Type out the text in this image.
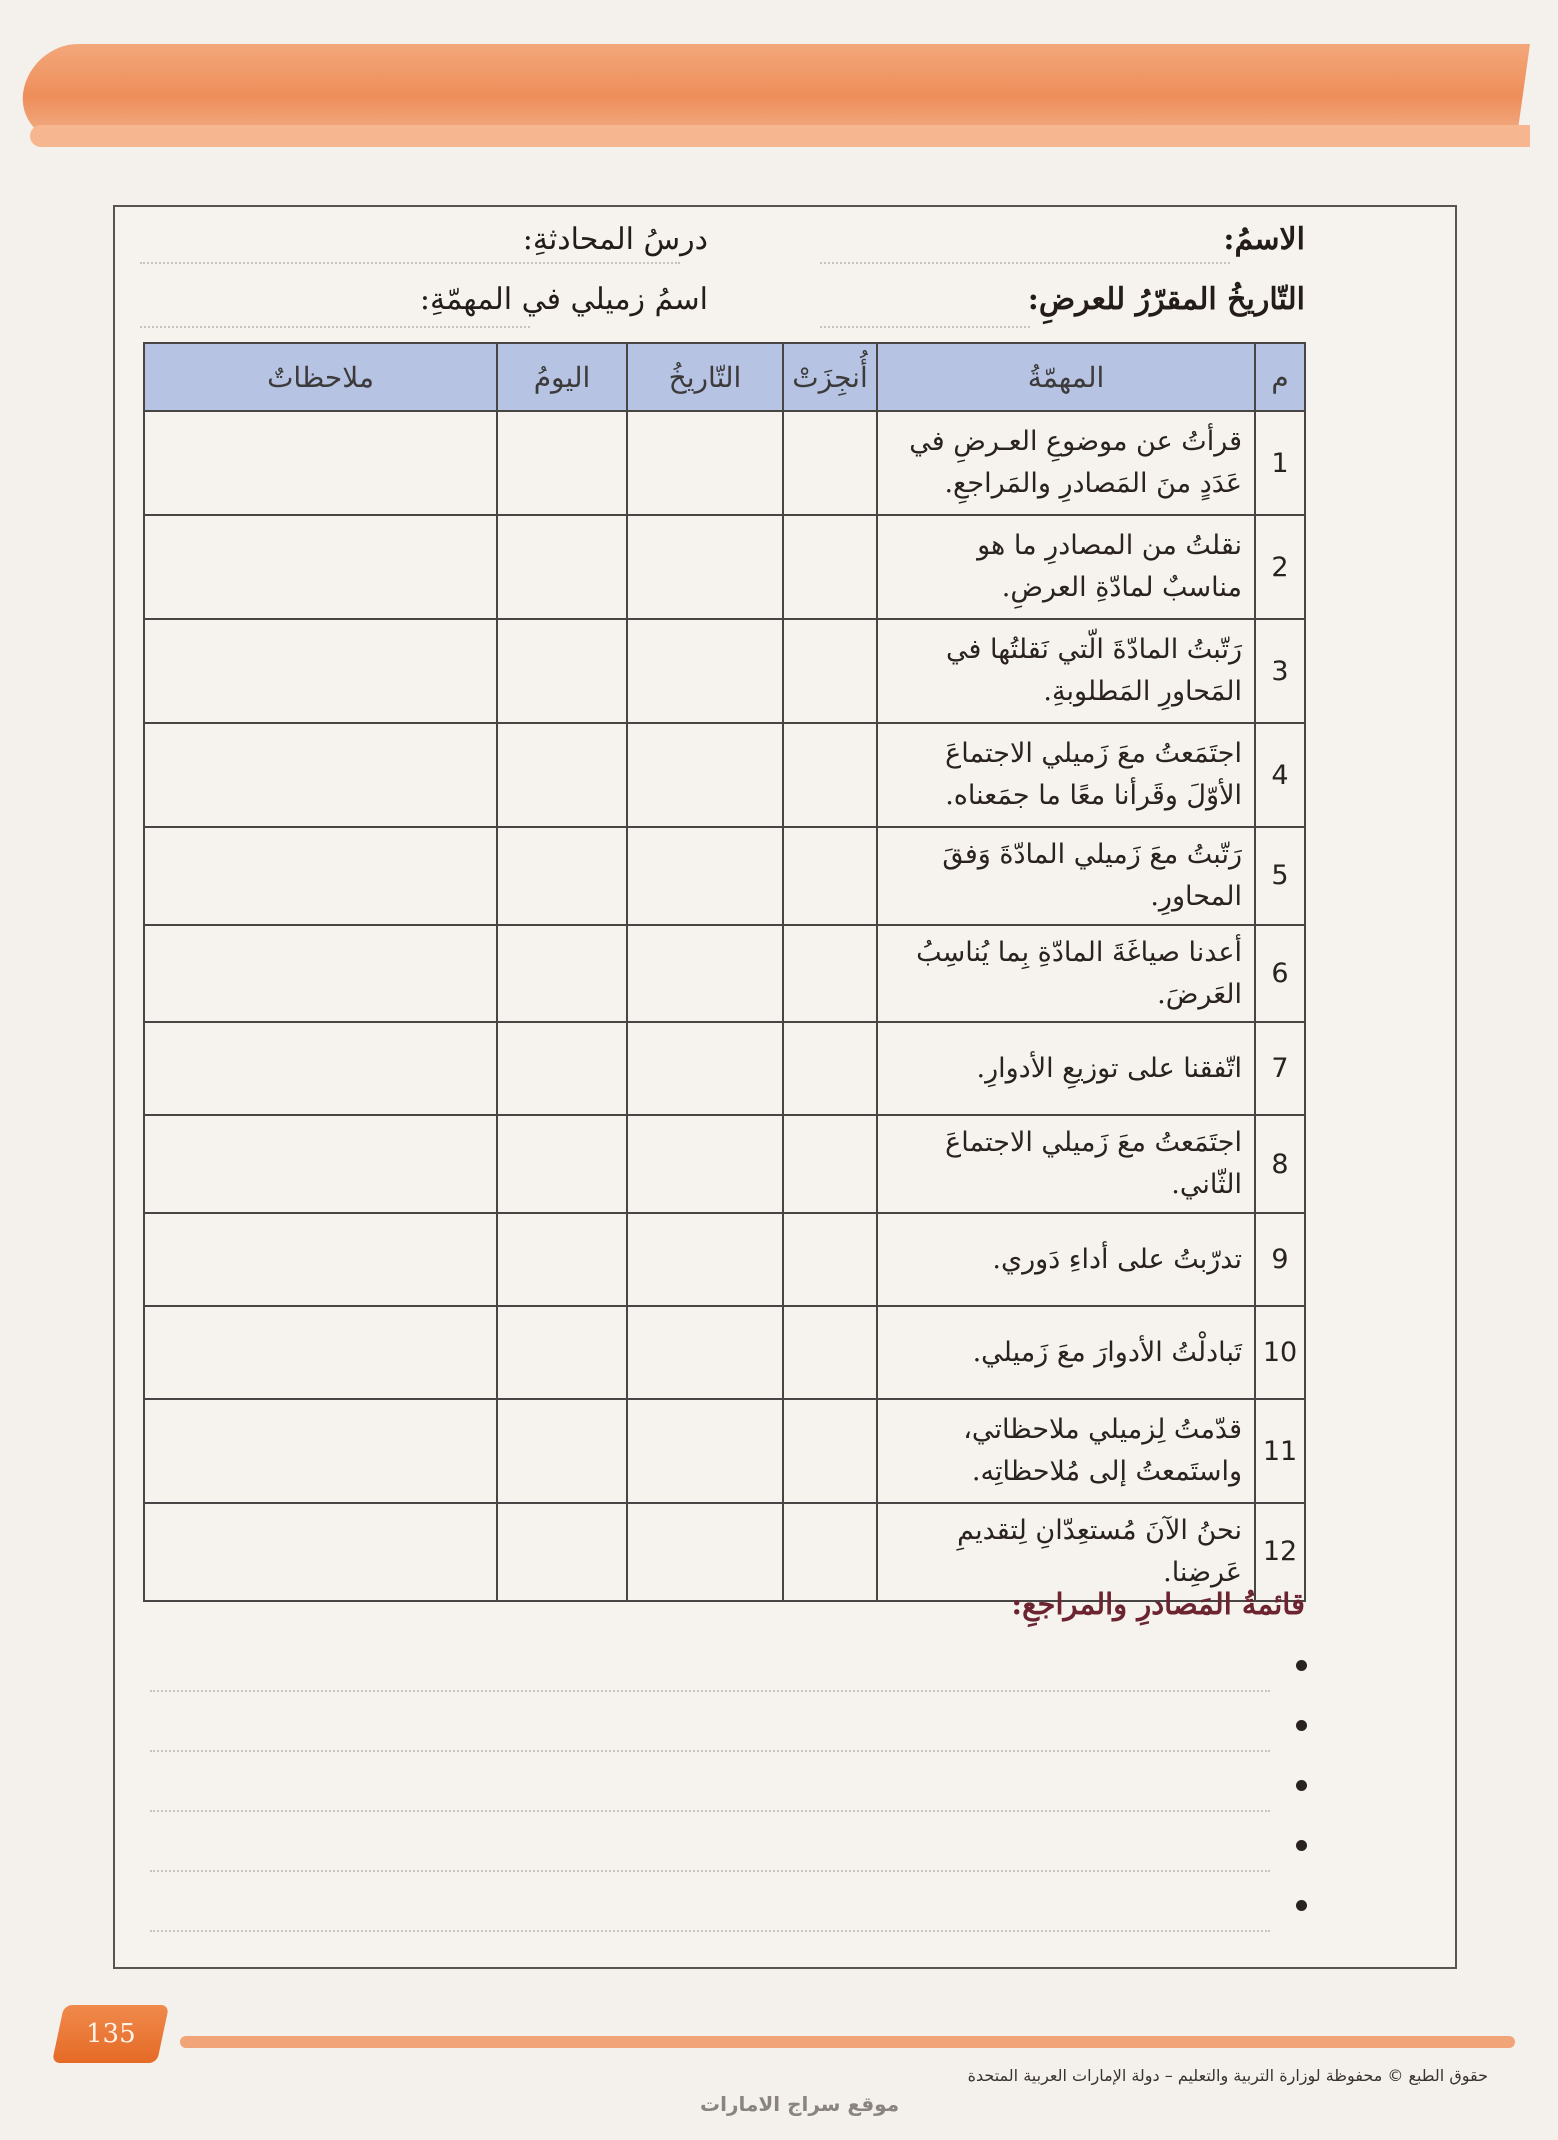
الاسمُ:
درسُ المحادثةِ:
التّاريخُ المقرّرُ للعرضِ:
اسمُ زميلي في المهمّةِ:
م	المهمّةُ	أُنجِزَتْ	التّاريخُ	اليومُ	ملاحظاتٌ
1	قرأتُ عن موضوعِ العـرضِ في عَدَدٍ منَ المَصادرِ والمَراجعِ.				
2	نقلتُ من المصادرِ ما هو مناسبٌ لمادّةِ العرضِ.				
3	رَتّبتُ المادّةَ الّتي نَقلتُها في المَحاورِ المَطلوبةِ.				
4	اجتَمَعتُ معَ زَميلي الاجتماعَ الأوّلَ وقَرأنا معًا ما جمَعناه.				
5	رَتّبتُ معَ زَميلي المادّةَ وَفقَ المحاورِ.				
6	أعدنا صياغَةَ المادّةِ بِما يُناسِبُ العَرضَ.				
7	اتّفقنا على توزيعِ الأدوارِ.				
8	اجتَمَعتُ معَ زَميلي الاجتماعَ الثّاني.				
9	تدرّبتُ على أداءِ دَوري.				
10	تَبادلْتُ الأدوارَ معَ زَميلي.				
11	قدّمتُ لِزميلي ملاحظاتي، واستَمعتُ إلى مُلاحظاتِه.				
12	نحنُ الآنَ مُستعِدّانِ لِتقديمِ عَرضِنا.				
قائمةُ المَصادرِ والمراجعِ:
135
حقوق الطبع © محفوظة لوزارة التربية والتعليم – دولة الإمارات العربية المتحدة
موقع سراج الامارات
